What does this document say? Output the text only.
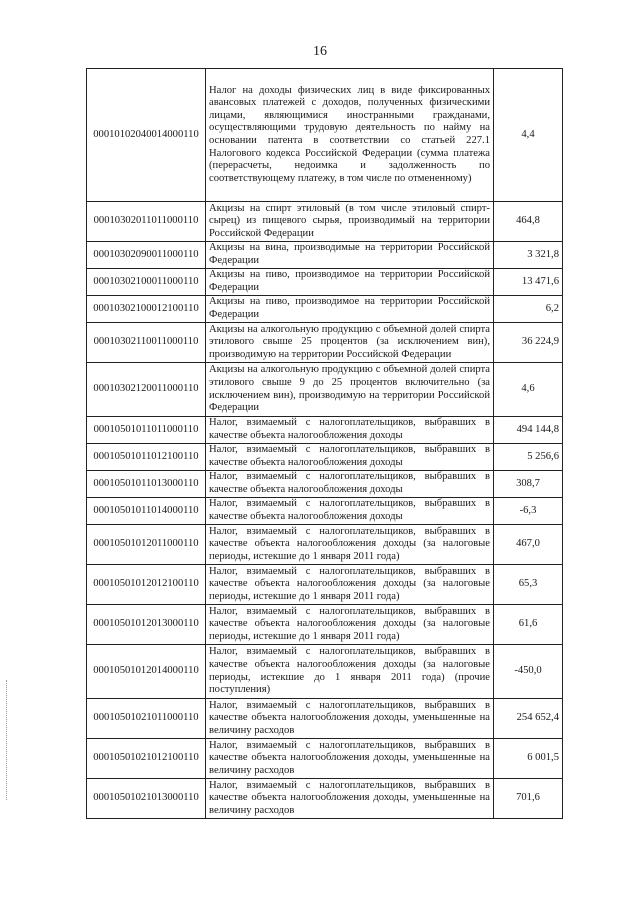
16
00010102040014000110	Налог на доходы физических лиц в виде фиксированных авансовых платежей с доходов, полученных физическими лицами, являющимися иностранными гражданами, осуществляющими трудовую деятельность по найму на основании патента в соответствии со статьей 227.1 Налогового кодекса Российской Федерации (сумма платежа (перерасчеты, недоимка и задолженность по соответствующему платежу, в том числе по отмененному)	4,4
00010302011011000110	Акцизы на спирт этиловый (в том числе этиловый спирт-сырец) из пищевого сырья, производимый на территории Российской Федерации	464,8
00010302090011000110	Акцизы на вина, производимые на территории Российской Федерации	3 321,8
00010302100011000110	Акцизы на пиво, производимое на территории Российской Федерации	13 471,6
00010302100012100110	Акцизы на пиво, производимое на территории Российской Федерации	6,2
00010302110011000110	Акцизы на алкогольную продукцию с объемной долей спирта этилового свыше 25 процентов (за исключением вин), производимую на территории Российской Федерации	36 224,9
00010302120011000110	Акцизы на алкогольную продукцию с объемной долей спирта этилового свыше 9 до 25 процентов включительно (за исключением вин), производимую на территории Российской Федерации	4,6
00010501011011000110	Налог, взимаемый с налогоплательщиков, выбравших в качестве объекта налогообложения доходы	494 144,8
00010501011012100110	Налог, взимаемый с налогоплательщиков, выбравших в качестве объекта налогообложения доходы	5 256,6
00010501011013000110	Налог, взимаемый с налогоплательщиков, выбравших в качестве объекта налогообложения доходы	308,7
00010501011014000110	Налог, взимаемый с налогоплательщиков, выбравших в качестве объекта налогообложения доходы	-6,3
00010501012011000110	Налог, взимаемый с налогоплательщиков, выбравших в качестве объекта налогообложения доходы (за налоговые периоды, истекшие до 1 января 2011 года)	467,0
00010501012012100110	Налог, взимаемый с налогоплательщиков, выбравших в качестве объекта налогообложения доходы (за налоговые периоды, истекшие до 1 января 2011 года)	65,3
00010501012013000110	Налог, взимаемый с налогоплательщиков, выбравших в качестве объекта налогообложения доходы (за налоговые периоды, истекшие до 1 января 2011 года)	61,6
00010501012014000110	Налог, взимаемый с налогоплательщиков, выбравших в качестве объекта налогообложения доходы (за налоговые периоды, истекшие до 1 января 2011 года) (прочие поступления)	-450,0
00010501021011000110	Налог, взимаемый с налогоплательщиков, выбравших в качестве объекта налогообложения доходы, уменьшенные на величину расходов	254 652,4
00010501021012100110	Налог, взимаемый с налогоплательщиков, выбравших в качестве объекта налогообложения доходы, уменьшенные на величину расходов	6 001,5
00010501021013000110	Налог, взимаемый с налогоплательщиков, выбравших в качестве объекта налогообложения доходы, уменьшенные на величину расходов	701,6
